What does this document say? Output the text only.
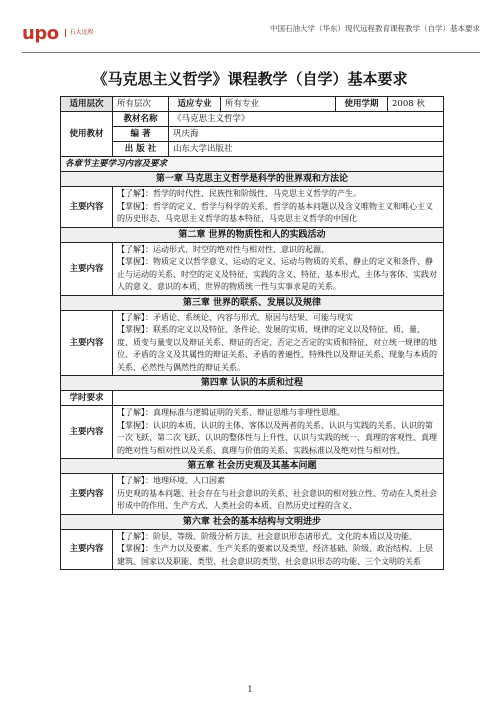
upo	石大远程	中国石油大学（华东）现代远程教育课程教学（自学）基本要求
《马克思主义哲学》课程教学（自学）基本要求
适用层次	所有层次	适应专业	所有专业	使用学期	2008 秋
使用教材	教材名称	《马克思主义哲学》			
	编 著	巩庆海			
	出 版 社	山东大学出版社			
各章节主要学习内容及要求					
第一章 马克思主义哲学是科学的世界观和方法论					
主要内容	【了解】：哲学的时代性、民族性和阶级性、马克思主义哲学的产生。

【掌握】：哲学的定义、哲学与科学的关系、哲学的基本问题以及含义唯物主义和唯心主义的历史形态、马克思主义哲学的基本特征、马克思主义哲学的中国化				

第二章 世界的物质性和人的实践活动					
主要内容	【了解】：运动形式、时空的绝对性与相对性、意识的起源、

【掌握】：物质定义以哲学意义、运动的定义、运动与物质的关系、静止的定义和条件、静止与运动的关系、时空的定义及特征、实践的含义、特征、基本形式、主体与客体、实践对人的意义、意识的本质、世界的物质统一性与实事求是的关系。				

第三章 世界的联系、发展以及规律					
主要内容	【了解】：矛盾论、系统论、内容与形式、原因与结果、可能与现实

【掌握】：联系的定义以及特征、条件论、发展的实质、规律的定义以及特征、质、量、度、质变与量变以及辩证关系、辩证的否定、否定之否定的实质和特征、对立统一规律的地位、矛盾的含义及其属性的辩证关系、矛盾的普遍性、特殊性以及辩证关系、现象与本质的关系、必然性与偶然性的辩证关系。				

第四章 认识的本质和过程					
学时要求					
主要内容	【了解】：真理标准与逻辑证明的关系、辩证思维与非理性思维。

【掌握】：认识的本质、认识的主体、客体以及两者的关系、认识与实践的关系、认识的第一次飞跃、第二次飞跃、认识的整体性与上升性、认识与实践的统一、真理的客观性、真理的绝对性与相对性以及关系、真理与价值的关系、实践标准以及绝对性与相对性、				

第五章 社会历史观及其基本问题					
主要内容	【了解】：地理环境、人口因素

历史观的基本问题、社会存在与社会意识的关系、社会意识的相对独立性、劳动在人类社会形成中的作用、生产方式、人类社会的本质、自然历史过程的含义、				

第六章 社会的基本结构与文明进步					
主要内容	【了解】：阶层、等级、阶级分析方法、社会意识形态诸形式、文化的本质以及功能、

【掌握】：生产力以及要素、生产关系的要素以及类型、经济基础、阶级、政治结构、上层建筑、国家以及职能、类型、社会意识的类型、社会意识形态的功能、三个文明的关系				

1
